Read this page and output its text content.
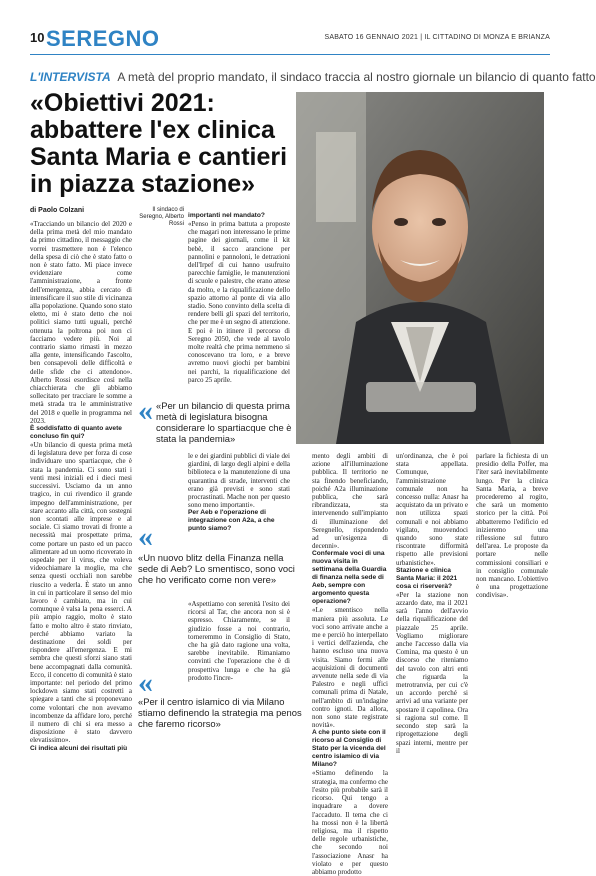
10 SEREGNO	SABATO 16 GENNAIO 2021 | IL CITTADINO DI MONZA E BRIANZA
L'INTERVISTA A metà del proprio mandato, il sindaco traccia al nostro giornale un bilancio di quanto fatto
«Obiettivi 2021: abbattere l'ex clinica Santa Maria e cantieri in piazza stazione»
di Paolo Colzani	Il sindaco di Seregno, Alberto Rossi

«Tracciando un bilancio del 2020 e della prima metà del mio mandato da primo cittadino, il messaggio che vorrei trasmettere non è l'elenco della spesa di ciò che è stato fatto o non è stato fatto. Mi piace invece evidenziare come l'amministrazione, a fronte dell'emergenza, abbia cercato di intensificare il suo stile di vicinanza alla popolazione. Quando sono stato eletto, mi è stato detto che noi politici siamo tutti uguali, perché ottenuta la poltrona poi non ci facciamo vedere più. Noi al contrario siamo rimasti in mezzo alla gente, intensificando l'ascolto, ben consapevoli delle difficoltà e delle sfide che ci attendono». Alberto Rossi esordisce così nella chiacchierata che gli abbiamo sollecitato per tracciare le somme a metà strada tra le amministrative del 2018 e quelle in programma nel 2023.

È soddisfatto di quanto avete concluso fin qui?

«Un bilancio di questa prima metà di legislatura deve per forza di cose individuare uno spartiacque, che è stata la pandemia. Ci sono stati i venti mesi iniziali ed i dieci mesi successivi. Usciamo da un anno tragico, in cui rivendico il grande impegno dell'amministrazione, per stare accanto alla città, con sostegni non scontati alle imprese e al sociale. Ci siamo trovati di fronte a necessità mai prospettate prima, come portare un pasto ed un pacco alimentare ad un uomo ricoverato in ospedale per il virus, che voleva videochiamare la moglie, ma che senza questi occhiali non sarebbe riuscito a vederla. È stato un anno in cui in particolare il senso del mio lavoro è cambiato, ma in cui comunque è valsa la pena esserci. A più ampio raggio, molto è stato fatto e molto altro è stato rinviato, perché abbiamo variato la destinazione dei soldi per rispondere all'emergenza. E mi sembra che questi sforzi siano stati bene accompagnati dalla comunità. Ecco, il concetto di comunità è stato importante: nel periodo del primo lockdown siamo stati costretti a spiegare a tanti che si proponevano come volontari che non avevamo incombenze da affidare loro, perché il numero di chi si era messo a disposizione è stato davvero elevatissimo».

Ci indica alcuni dei risultati più

importanti nel mandato?

«Penso in prima battuta a proposte che magari non interessano le prime pagine dei giornali, come il kit bebè, il sacco arancione per pannolini e pannoloni, le detrazioni dell'Irpef di cui hanno usufruito parecchie famiglie, le manutenzioni di scuole e palestre, che erano attese da molto, e la riqualificazione dello spazio attorno al ponte di via allo stadio. Sono convinto della scelta di rendere belli gli spazi del territorio, che per me è un segno di attenzione. E poi è in itinere il percorso di Seregno 2050, che vede al tavolo molte realtà che prima nemmeno si conoscevano tra loro, e a breve avremo nuovi giochi per bambini nei parchi, la riqualificazione del parco 25 aprile.

« «Per un bilancio di questa prima metà di legislatura bisogna considerare lo spartiacque che è stata la pandemia»

le e dei giardini pubblici di viale dei giardini, di largo degli alpini e della biblioteca e la manutenzione di una quarantina di strade, interventi che erano già previsti e sono stati procrastinati. Mache non per questo sono meno importanti».

Per Aeb e l'operazione di integrazione con A2a, a che punto siamo?

«
«Un nuovo blitz della Finanza nella sede di Aeb? Lo smentisco, sono voci che ho verificato come non vere»

«Aspettiamo con serenità l'esito dei ricorsi al Tar, che ancora non si è espresso. Chiaramente, se il giudizio fosse a noi contrario, torneremmo in Consiglio di Stato, che ha già dato ragione una volta, sarebbe inevitabile. Rimaniamo convinti che l'operazione che è di prospettiva lunga e che ha già prodotto l'incre-

«
«Per il centro islamico di via Milano stiamo definendo la strategia ma penos che faremo ricorso»

mento degli ambiti di azione all'illuminazione pubblica. Il territorio ne sta finendo beneficiando, poiché A2a illuminazione pubblica, che sarà ribrandizzata, sta intervenendo sull'impianto di illuminazione del Seregnello, rispondendo ad un'esigenza di decenni».

Confermale voci di una nuova visita in settimana della Guardia di finanza nella sede di Aeb, sempre con argomento questa operazione?

«Le smentisco nella maniera più assoluta. Le voci sono arrivate anche a me e perciò ho interpellato i vertici dell'azienda, che hanno escluso una nuova visita. Siamo fermi alle acquisizioni di documenti avvenute nella sede di via Palestro e negli uffici comunali prima di Natale, nell'ambito di un'indagine contro ignoti. Da allora, non sono state registrate novità».

A che punto siete con il ricorso al Consiglio di Stato per la vicenda del centro islamico di via Milano?

«Stiamo definendo la strategia, ma confermo che l'esito più probabile sarà il ricorso. Qui tengo a inquadrare a dovere l'accaduto. Il tema che ci ha mossi non è la libertà religiosa, ma il rispetto delle regole urbanistiche, che secondo noi l'associazione Anasr ha violato e per questo abbiamo prodotto

un'ordinanza, che è poi stata appellata. Comunque, l'amministrazione comunale non ha concesso nulla: Anasr ha acquistato da un privato e non utilizza spazi comunali e noi abbiamo vigilato, muovendoci quando sono state riscontrate difformità rispetto alle previsioni urbanistiche».

Stazione e clinica Santa Maria: il 2021 cosa ci riserverà?

«Per la stazione non azzardo date, ma il 2021 sarà l'anno dell'avvio della riqualificazione del piazzale 25 aprile. Vogliamo migliorare anche l'accesso dalla via Comina, ma questo è un discorso che riteniamo del tavolo con altri enti che riguarda la metrotranvia, per cui c'è un accordo perché si arrivi ad una variante per spostare il capolinea. Ora si ragiona sul come. Il secondo step sarà la riprogettazione degli spazi interni, mentre per il

parlare la fichiesta di un presidio della Polfer, ma l'iter sarà inevitabilmente lungo. Per la clinica Santa Maria, a breve procederemo al rogito, che sarà un momento storico per la città. Poi abbatteremo l'edificio ed inizieremo una riflessione sul futuro dell'area. Le proposte da portare nelle commissioni consiliari e in consiglio comunale non mancano. L'obiettivo è una progettazione condivisa».
